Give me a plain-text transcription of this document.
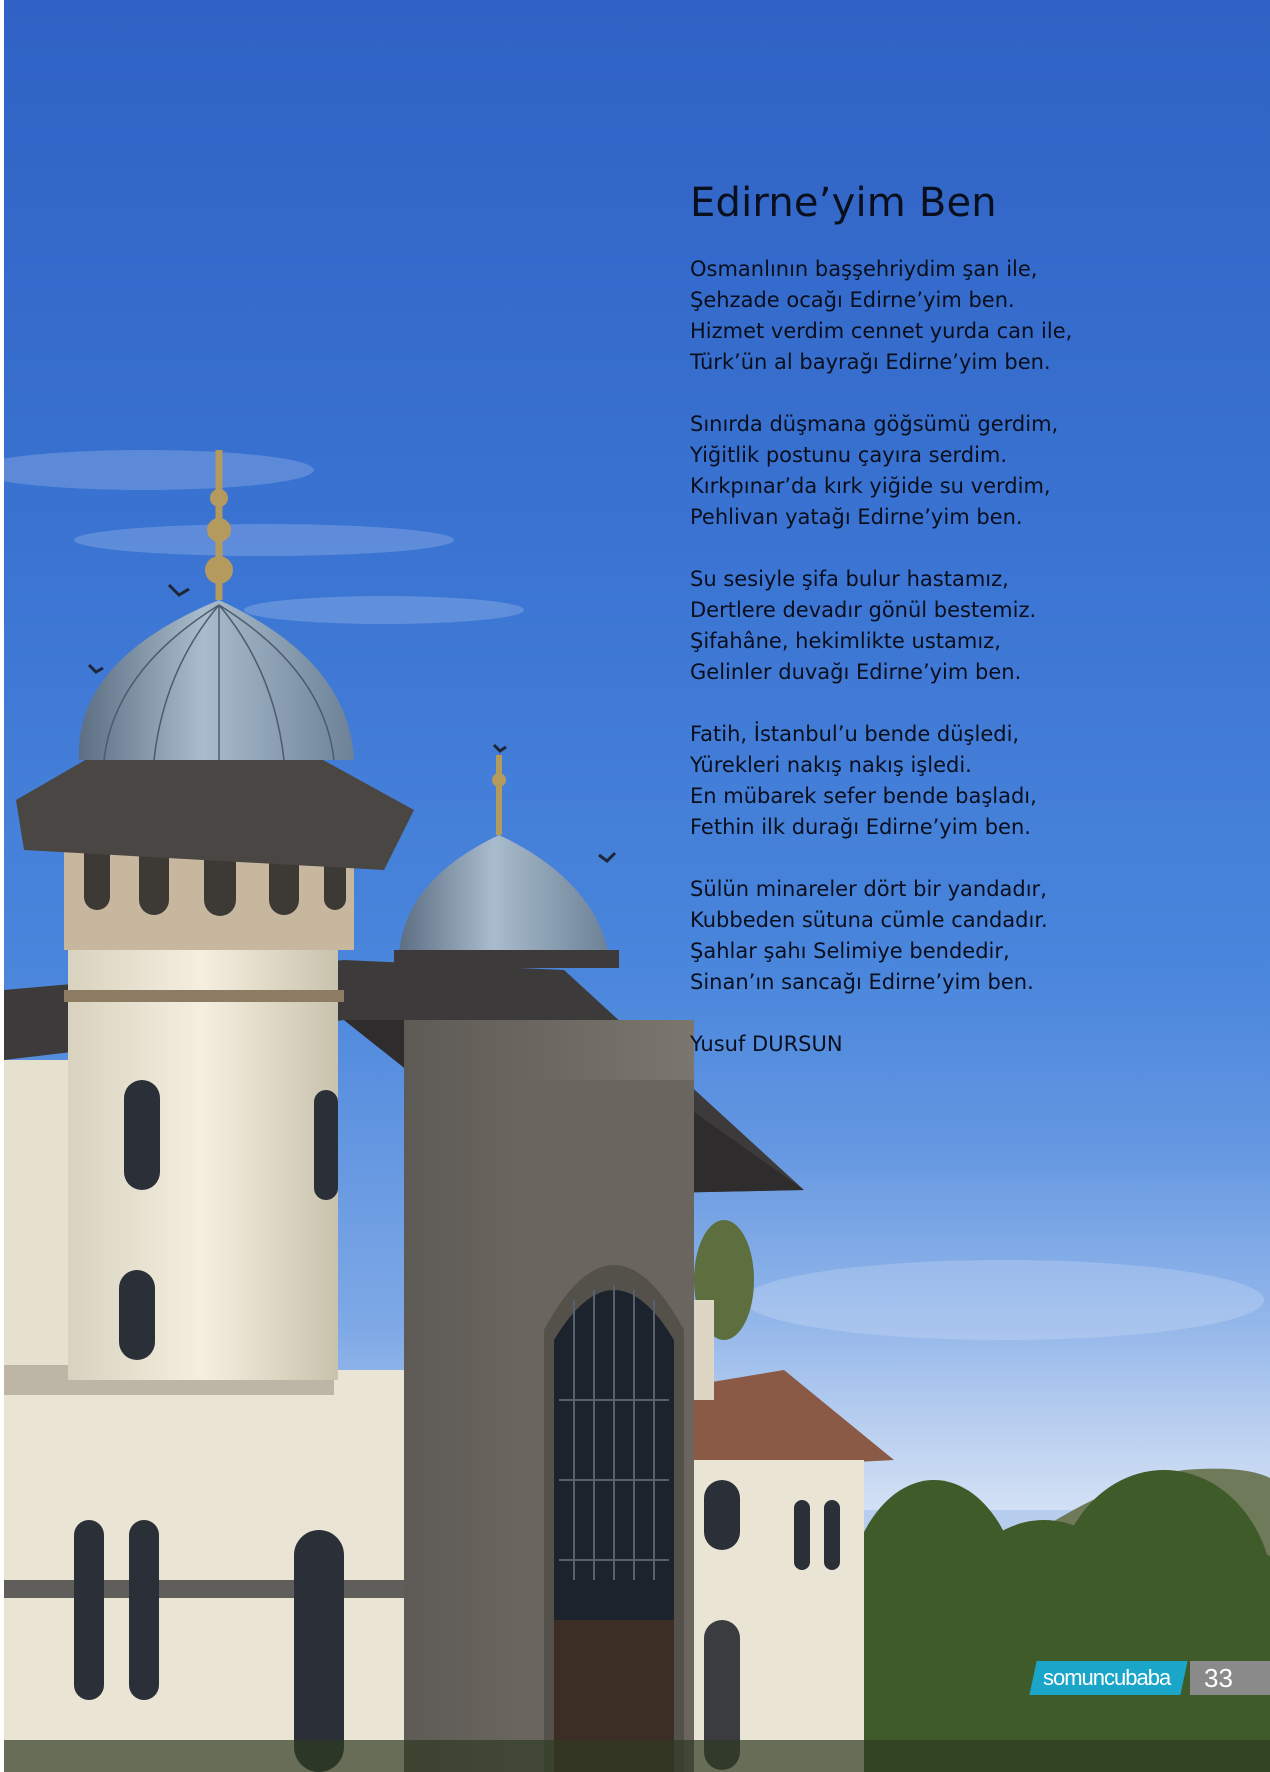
Edirne’yim Ben
Osmanlının başşehriydim şan ile,
Şehzade ocağı Edirne’yim ben.
Hizmet verdim cennet yurda can ile,
Türk’ün al bayrağı Edirne’yim ben.
Sınırda düşmana göğsümü gerdim,
Yiğitlik postunu çayıra serdim.
Kırkpınar’da kırk yiğide su verdim,
Pehlivan yatağı Edirne’yim ben.
Su sesiyle şifa bulur hastamız,
Dertlere devadır gönül bestemiz.
Şifahâne, hekimlikte ustamız,
Gelinler duvağı Edirne’yim ben.
Fatih, İstanbul’u bende düşledi,
Yürekleri nakış nakış işledi.
En mübarek sefer bende başladı,
Fethin ilk durağı Edirne’yim ben.
Sülün minareler dört bir yandadır,
Kubbeden sütuna cümle candadır.
Şahlar şahı Selimiye bendedir,
Sinan’ın sancağı Edirne’yim ben.
Yusuf DURSUN
somuncubaba	33
